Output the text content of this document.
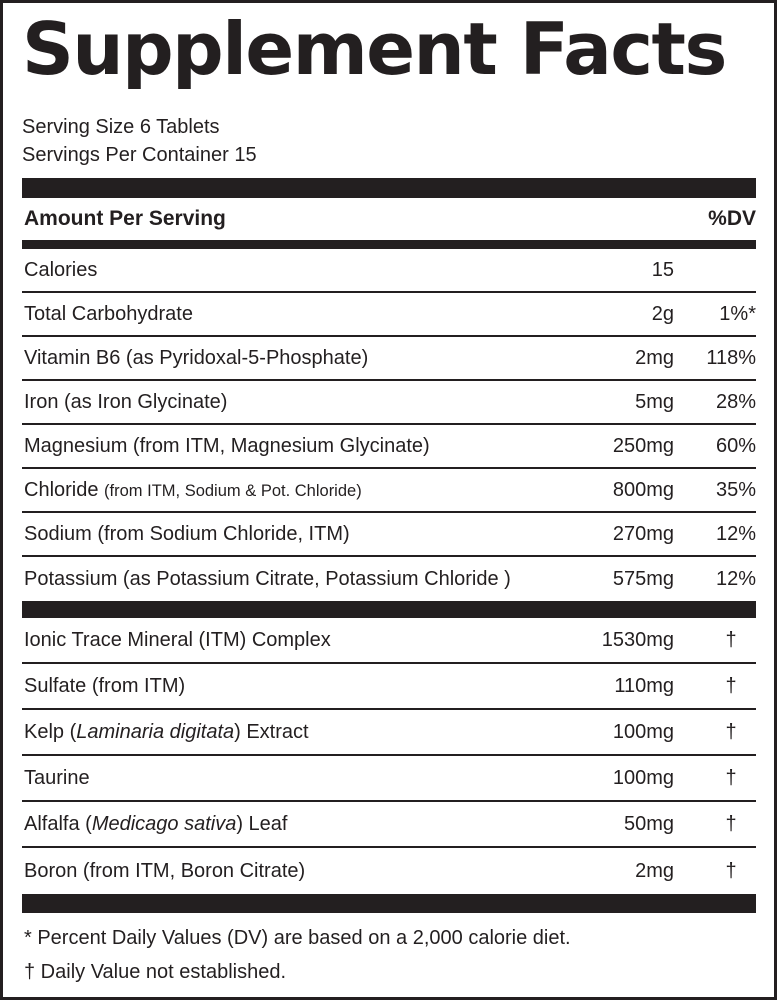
Supplement Facts
Serving Size 6 Tablets
Servings Per Container 15
Amount Per Serving	%DV
Calories	15
Total Carbohydrate	2g	1%*
Vitamin B6 (as Pyridoxal-5-Phosphate)	2mg	118%
Iron (as Iron Glycinate)	5mg	28%
Magnesium (from ITM, Magnesium Glycinate)	250mg	60%
Chloride (from ITM, Sodium & Pot. Chloride)	800mg	35%
Sodium (from Sodium Chloride, ITM)	270mg	12%
Potassium (as Potassium Citrate, Potassium Chloride )	575mg	12%
Ionic Trace Mineral (ITM) Complex	1530mg	†
Sulfate (from ITM)	110mg	†
Kelp (Laminaria digitata) Extract	100mg	†
Taurine	100mg	†
Alfalfa (Medicago sativa) Leaf	50mg	†
Boron (from ITM, Boron Citrate)	2mg	†
* Percent Daily Values (DV) are based on a 2,000 calorie diet.
† Daily Value not established.
